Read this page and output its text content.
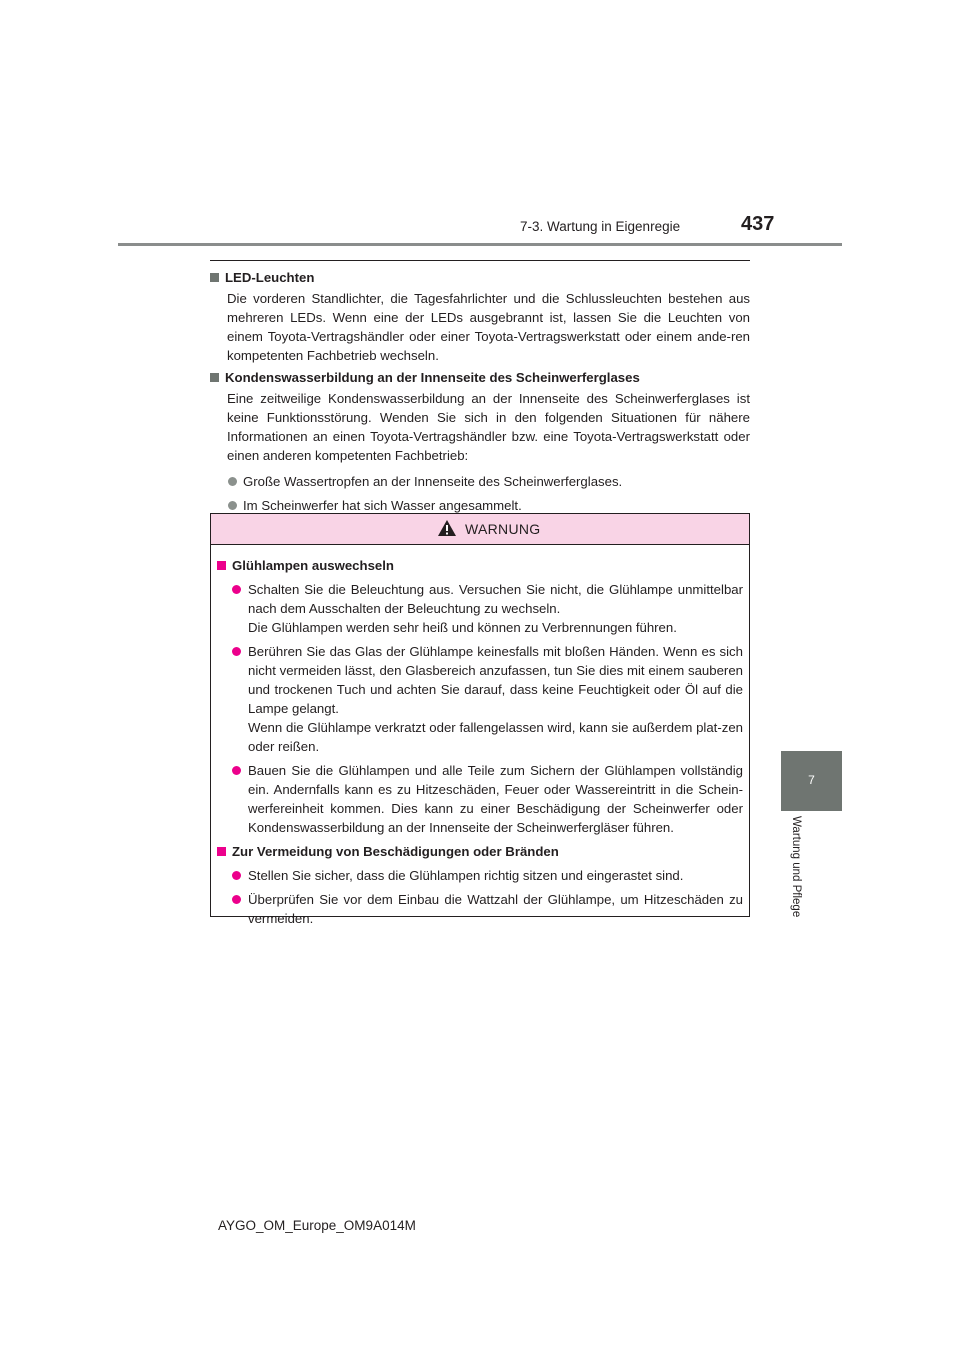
7-3. Wartung in Eigenregie	437
7
Wartung und Pflege
LED-Leuchten

Die vorderen Standlichter, die Tagesfahrlichter und die Schlussleuchten bestehen aus mehreren LEDs. Wenn eine der LEDs ausgebrannt ist, lassen Sie die Leuchten von einem Toyota-Vertragshändler oder einer Toyota-Vertragswerkstatt oder einem ande-ren kompetenten Fachbetrieb wechseln.

Kondenswasserbildung an der Innenseite des Scheinwerferglases

Eine zeitweilige Kondenswasserbildung an der Innenseite des Scheinwerferglases ist keine Funktionsstörung. Wenden Sie sich in den folgenden Situationen für nähere Informationen an einen Toyota-Vertragshändler bzw. eine Toyota-Vertragswerkstatt oder einen anderen kompetenten Fachbetrieb:

Große Wassertropfen an der Innenseite des Scheinwerferglases.
Im Scheinwerfer hat sich Wasser angesammelt.
WARNUNG
Glühlampen auswechseln

Schalten Sie die Beleuchtung aus. Versuchen Sie nicht, die Glühlampe unmittelbar nach dem Ausschalten der Beleuchtung zu wechseln.

Die Glühlampen werden sehr heiß und können zu Verbrennungen führen.

Berühren Sie das Glas der Glühlampe keinesfalls mit bloßen Händen. Wenn es sich nicht vermeiden lässt, den Glasbereich anzufassen, tun Sie dies mit einem sauberen und trockenen Tuch und achten Sie darauf, dass keine Feuchtigkeit oder Öl auf die Lampe gelangt.

Wenn die Glühlampe verkratzt oder fallengelassen wird, kann sie außerdem plat-zen oder reißen.

Bauen Sie die Glühlampen und alle Teile zum Sichern der Glühlampen vollständig ein. Andernfalls kann es zu Hitzeschäden, Feuer oder Wassereintritt in die Schein-werfereinheit kommen. Dies kann zu einer Beschädigung der Scheinwerfer oder Kondenswasserbildung an der Innenseite der Scheinwerfergläser führen.

Zur Vermeidung von Beschädigungen oder Bränden

Stellen Sie sicher, dass die Glühlampen richtig sitzen und eingerastet sind.

Überprüfen Sie vor dem Einbau die Wattzahl der Glühlampe, um Hitzeschäden zu vermeiden.

AYGO_OM_Europe_OM9A014M
